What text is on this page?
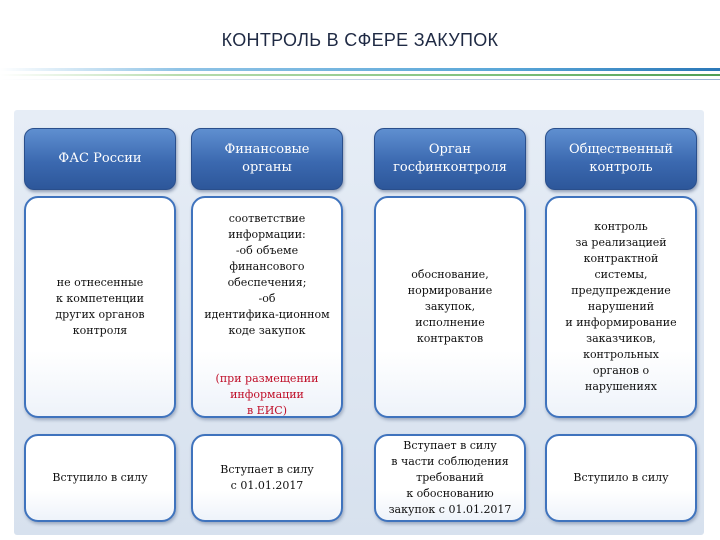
КОНТРОЛЬ В СФЕРЕ ЗАКУПОК
ФАС России
не отнесенные
к компетенции
других органов
контроля
Вступило в силу
Финансовые органы

соответствие
информации:
-об объеме
финансового
обеспечения;
-об
идентифика-ционном
коде закупок

(при размещении
информации
в ЕИС)

Вступает в силу
с 01.01.2017
Орган
госфинконтроля
обоснование,
нормирование
закупок,
исполнение
контрактов
Вступает в силу
в части соблюдения
требований
к обоснованию
закупок с 01.01.2017
Общественный
контроль
контроль
за реализацией
контрактной
системы,
предупреждение
нарушений
и информирование
заказчиков,
контрольных
органов о
нарушениях
Вступило в силу
